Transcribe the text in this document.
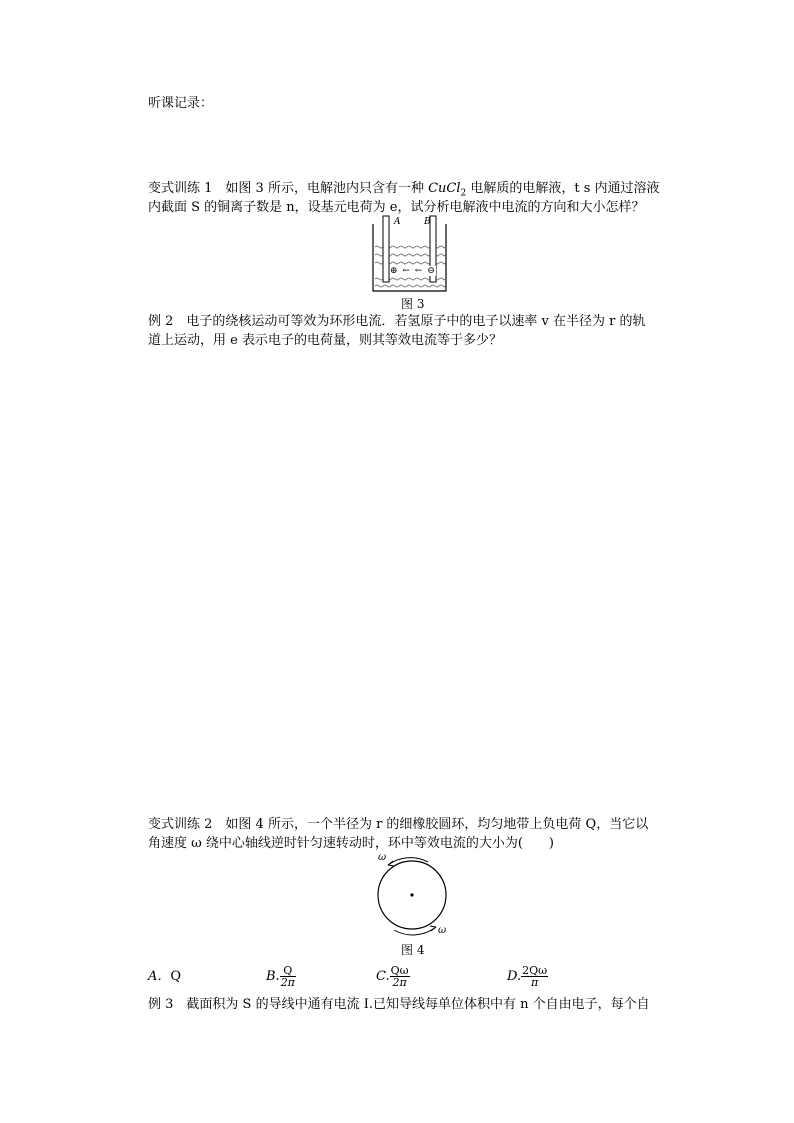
听课记录：
变式训练 1　如图 3 所示，电解池内只含有一种 CuCl$_2$ 电解质的电解液，t s 内通过溶液
内截面 S 的铜离子数是 n，设基元电荷为 e，试分析电解液中电流的方向和大小怎样？
A	B
⊕ ← ← ⊖
图 3
例 2　电子的绕核运动可等效为环形电流．若氢原子中的电子以速率 v 在半径为 r 的轨
道上运动，用 e 表示电子的电荷量，则其等效电流等于多少？
变式训练 2　如图 4 所示，一个半径为 r 的细橡胶圆环，均匀地带上负电荷 Q，当它以
角速度 ω 绕中心轴线逆时针匀速转动时，环中等效电流的大小为(　　)
ω
ω
图 4
A．Q	B. $\frac{Q}{2\pi}$	C. $\frac{Q\omega}{2\pi}$	D. $\frac{2Q\omega}{\pi}$
例 3　截面积为 S 的导线中通有电流 I.已知导线每单位体积中有 n 个自由电子，每个自
